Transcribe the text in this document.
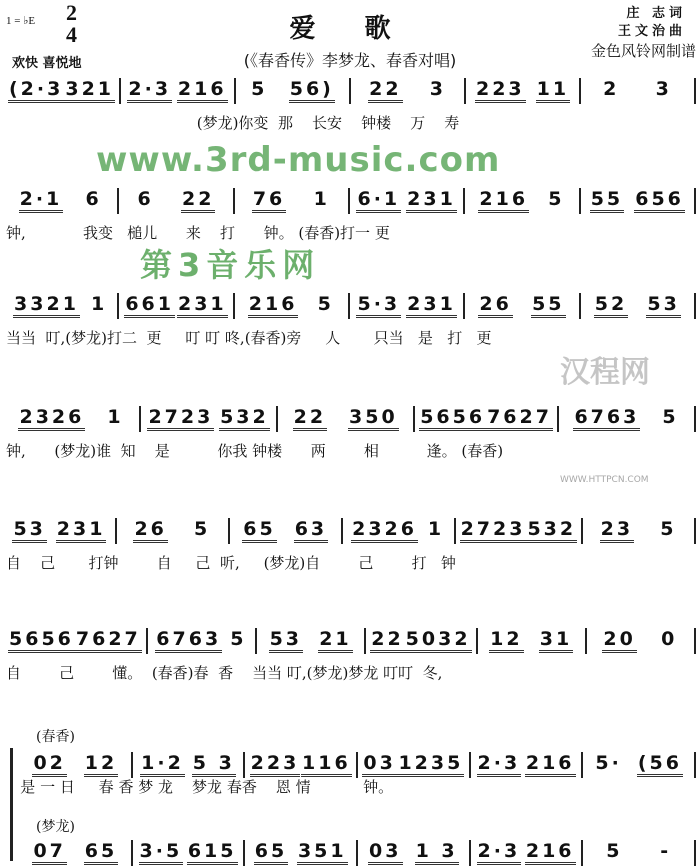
1 = ♭E 2
4
欢快 喜悦地
爱 歌
(《春香传》李梦龙、春香对唱)
庄 志词
王文治曲
金色风铃网制谱
(2·3 321 2·3 216 5 56) 22 3 223 11 2 3
(梦龙)你变  那    长安    钟楼    万    寿
2·1 6 6 22 76 1 6·1 231 216 5 55 656
钟,            我变   槌儿      来    打      钟。 (春香)打一 更
3321 1 661 231 216 5 5·3 231 26 55 52 53
当当  叮,(梦龙)打二  更     叮 叮 咚,(春香)旁     人       只当   是   打   更
2326 1 2723 532 22 350 5656 7627 6763 5
钟,      (梦龙)谁  知    是          你我 钟楼      两        相          逢。 (春香)
53 231 26 5 65 63 2326 1 2723 532 23 5
自    己       打钟        自     己  听,     (梦龙)自        己        打   钟
5656 7627 6763 5 53 21 22 5032 12 31 20 0
自        己        懂。  (春香)春  香    当当 叮,(梦龙)梦龙 叮叮  冬,
(春香)
02 12 1·2 5 3 223 116 03 1235 2·3 216 5· (56
是 一 日     春 香 梦 龙    梦龙 春香    恩 情           钟。
(梦龙)
07 65 3·5 615 65 351 03 1 3 2·3 216 5 -
www.3rd-music.com
第3音乐网
汉程网
WWW.HTTPCN.COM
